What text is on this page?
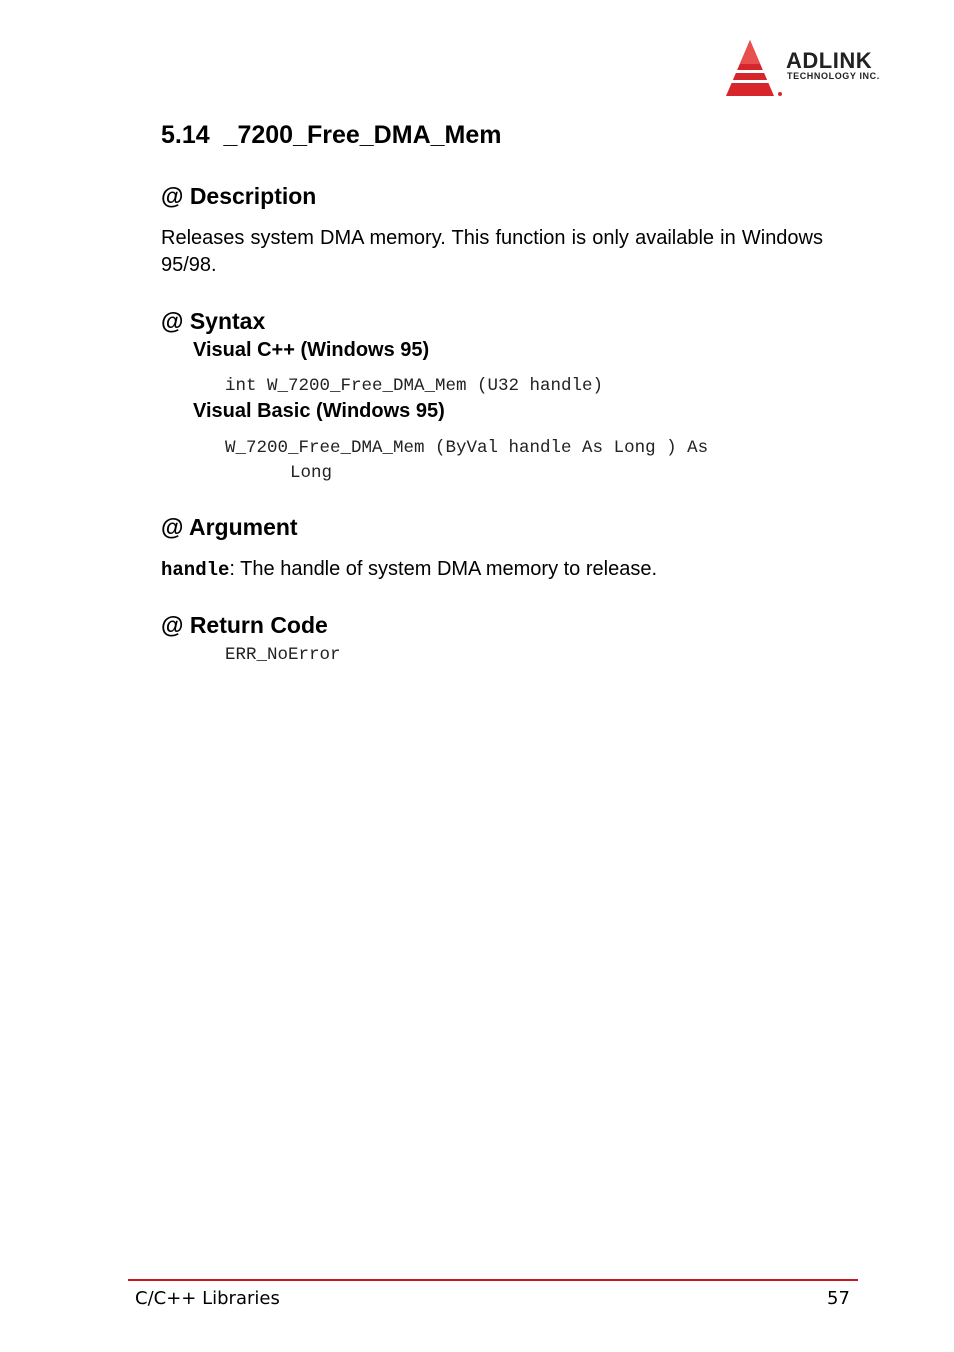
ADLINK
TECHNOLOGY INC.
5.14  _7200_Free_DMA_Mem
@ Description
Releases system DMA memory. This function is only available in Windows 95/98.
@ Syntax
Visual C++ (Windows 95)
int W_7200_Free_DMA_Mem (U32 handle)
Visual Basic (Windows 95)
W_7200_Free_DMA_Mem (ByVal handle As Long ) As
Long
@ Argument
handle: The handle of system DMA memory to release.
@ Return Code
ERR_NoError
C/C++ Libraries	57
